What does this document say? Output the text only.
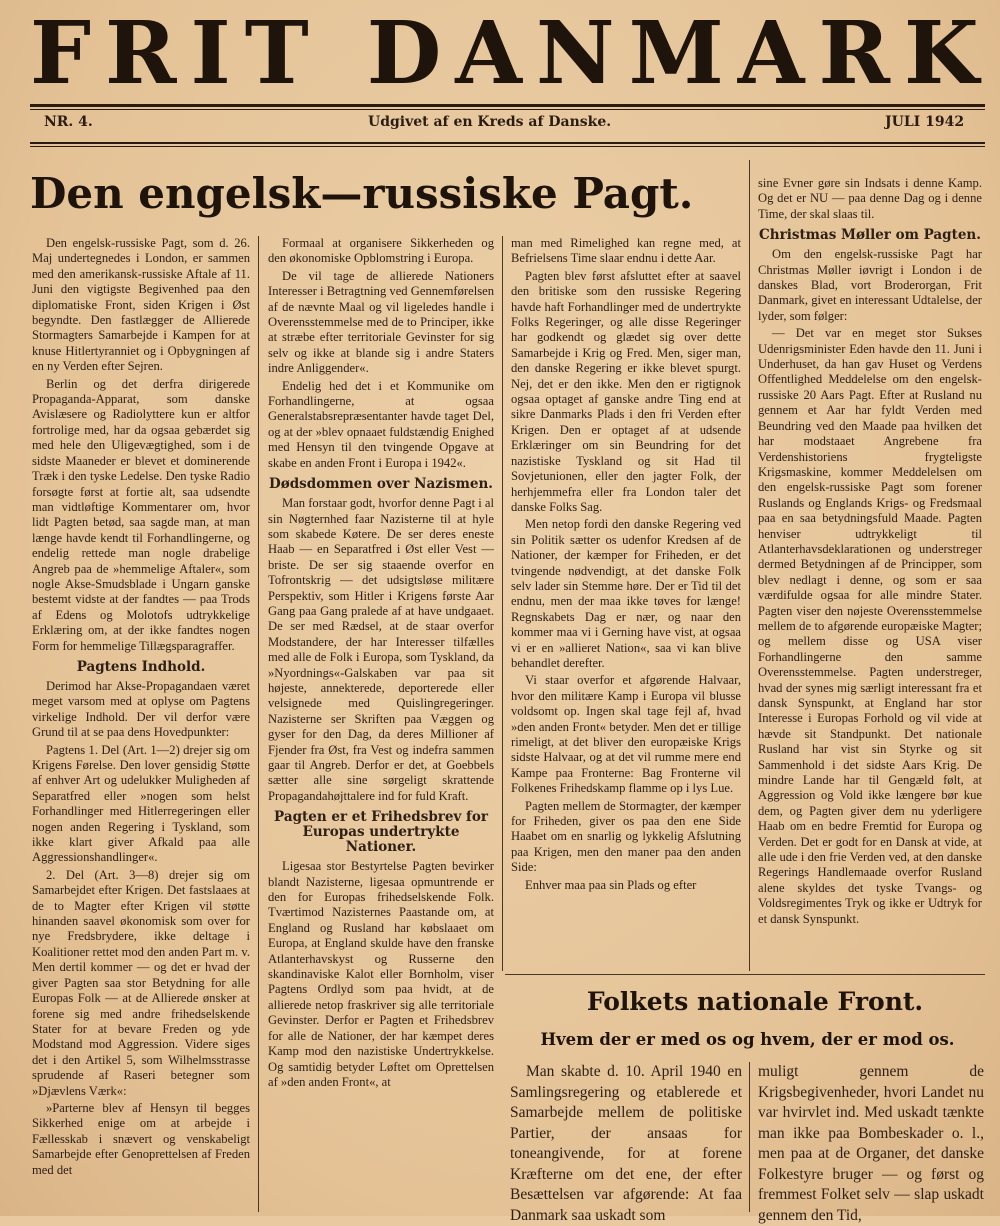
FRIT DANMARK
NR. 4.	Udgivet af en Kreds af Danske.	JULI 1942
Den engelsk—russiske Pagt.

Den engelsk-russiske Pagt, som d. 26. Maj undertegnedes i London, er sammen med den amerikansk-russiske Aftale af 11. Juni den vigtigste Begivenhed paa den diplomatiske Front, siden Krigen i Øst begyndte. Den fastlægger de Allierede Stormagters Samarbejde i Kampen for at knuse Hitlertyranniet og i Opbygningen af en ny Verden efter Sejren.

Berlin og det derfra dirigerede Propaganda-Apparat, som danske Avislæsere og Radiolyttere kun er altfor fortrolige med, har da ogsaa gebærdet sig med hele den Uligevægtighed, som i de sidste Maaneder er blevet et dominerende Træk i den tyske Ledelse. Den tyske Radio forsøgte først at fortie alt, saa udsendte man vidtløftige Kommentarer om, hvor lidt Pagten betød, saa sagde man, at man længe havde kendt til Forhandlingerne, og endelig rettede man nogle drabelige Angreb paa de »hemmelige Aftaler«, som nogle Akse-Smudsblade i Ungarn ganske bestemt vidste at der fandtes — paa Trods af Edens og Molotofs udtrykkelige Erklæring om, at der ikke fandtes nogen Form for hemmelige Tillægsparagraffer.

Pagtens Indhold.

Derimod har Akse-Propagandaen været meget varsom med at oplyse om Pagtens virkelige Indhold. Der vil derfor være Grund til at se paa dens Hovedpunkter:

Pagtens 1. Del (Art. 1—2) drejer sig om Krigens Førelse. Den lover gensidig Støtte af enhver Art og udelukker Muligheden af Separatfred eller »nogen som helst Forhandlinger med Hitlerregeringen eller nogen anden Regering i Tyskland, som ikke klart giver Afkald paa alle Aggressionshandlinger«.

2. Del (Art. 3—8) drejer sig om Samarbejdet efter Krigen. Det fastslaaes at de to Magter efter Krigen vil støtte hinanden saavel økonomisk som over for nye Fredsbrydere, ikke deltage i Koalitioner rettet mod den anden Part m. v. Men dertil kommer — og det er hvad der giver Pagten saa stor Betydning for alle Europas Folk — at de Allierede ønsker at forene sig med andre frihedselskende Stater for at bevare Freden og yde Modstand mod Aggression. Videre siges det i den Artikel 5, som Wilhelmsstrasse sprudende af Raseri betegner som »Djævlens Værk«:

»Parterne blev af Hensyn til begges Sikkerhed enige om at arbejde i Fællesskab i snævert og venskabeligt Samarbejde efter Genoprettelsen af Freden med det

Formaal at organisere Sikkerheden og den økonomiske Opblomstring i Europa.

De vil tage de allierede Nationers Interesser i Betragtning ved Gennemførelsen af de nævnte Maal og vil ligeledes handle i Overensstemmelse med de to Principer, ikke at stræbe efter territoriale Gevinster for sig selv og ikke at blande sig i andre Staters indre Anliggender«.

Endelig hed det i et Kommunike om Forhandlingerne, at ogsaa Generalstabsrepræsentanter havde taget Del, og at der »blev opnaaet fuldstændig Enighed med Hensyn til den tvingende Opgave at skabe en anden Front i Europa i 1942«.

Dødsdommen over Nazismen.

Man forstaar godt, hvorfor denne Pagt i al sin Nøgternhed faar Nazisterne til at hyle som skabede Køtere. De ser deres eneste Haab — en Separatfred i Øst eller Vest — briste. De ser sig staaende overfor en Tofrontskrig — det udsigtsløse militære Perspektiv, som Hitler i Krigens første Aar Gang paa Gang pralede af at have undgaaet. De ser med Rædsel, at de staar overfor Modstandere, der har Interesser tilfælles med alle de Folk i Europa, som Tyskland, da »Nyordnings«-Galskaben var paa sit højeste, annekterede, deporterede eller velsignede med Quislingregeringer. Nazisterne ser Skriften paa Væggen og gyser for den Dag, da deres Millioner af Fjender fra Øst, fra Vest og indefra sammen gaar til Angreb. Derfor er det, at Goebbels sætter alle sine sørgeligt skrattende Propagandahøjttalere ind for fuld Kraft.

Pagten er et Frihedsbrev for Europas undertrykte Nationer.

Ligesaa stor Bestyrtelse Pagten bevirker blandt Nazisterne, ligesaa opmuntrende er den for Europas frihedselskende Folk. Tværtimod Nazisternes Paastande om, at England og Rusland har købslaaet om Europa, at England skulde have den franske Atlanterhavskyst og Russerne den skandinaviske Kalot eller Bornholm, viser Pagtens Ordlyd som paa hvidt, at de allierede netop fraskriver sig alle territoriale Gevinster. Derfor er Pagten et Frihedsbrev for alle de Nationer, der har kæmpet deres Kamp mod den nazistiske Undertrykkelse. Og samtidig betyder Løftet om Oprettelsen af »den anden Front«, at

man med Rimelighed kan regne med, at Befrielsens Time slaar endnu i dette Aar.

Pagten blev først afsluttet efter at saavel den britiske som den russiske Regering havde haft Forhandlinger med de undertrykte Folks Regeringer, og alle disse Regeringer har godkendt og glædet sig over dette Samarbejde i Krig og Fred. Men, siger man, den danske Regering er ikke blevet spurgt. Nej, det er den ikke. Men den er rigtignok ogsaa optaget af ganske andre Ting end at sikre Danmarks Plads i den fri Verden efter Krigen. Den er optaget af at udsende Erklæringer om sin Beundring for det nazistiske Tyskland og sit Had til Sovjetunionen, eller den jagter Folk, der herhjemmefra eller fra London taler det danske Folks Sag.

Men netop fordi den danske Regering ved sin Politik sætter os udenfor Kredsen af de Nationer, der kæmper for Friheden, er det tvingende nødvendigt, at det danske Folk selv lader sin Stemme høre. Der er Tid til det endnu, men der maa ikke tøves for længe! Regnskabets Dag er nær, og naar den kommer maa vi i Gerning have vist, at ogsaa vi er en »allieret Nation«, saa vi kan blive behandlet derefter.

Vi staar overfor et afgørende Halvaar, hvor den militære Kamp i Europa vil blusse voldsomt op. Ingen skal tage fejl af, hvad »den anden Front« betyder. Men det er tillige rimeligt, at det bliver den europæiske Krigs sidste Halvaar, og at det vil rumme mere end Kampe paa Fronterne: Bag Fronterne vil Folkenes Frihedskamp flamme op i lys Lue.

Pagten mellem de Stormagter, der kæmper for Friheden, giver os paa den ene Side Haabet om en snarlig og lykkelig Afslutning paa Krigen, men den maner paa den anden Side:

Enhver maa paa sin Plads og efter

sine Evner gøre sin Indsats i denne Kamp. Og det er NU — paa denne Dag og i denne Time, der skal slaas til.

Christmas Møller om Pagten.

Om den engelsk-russiske Pagt har Christmas Møller iøvrigt i London i de danskes Blad, vort Broderorgan, Frit Danmark, givet en interessant Udtalelse, der lyder, som følger:

— Det var en meget stor Sukses Udenrigsminister Eden havde den 11. Juni i Underhuset, da han gav Huset og Verdens Offentlighed Meddelelse om den engelsk-russiske 20 Aars Pagt. Efter at Rusland nu gennem et Aar har fyldt Verden med Beundring ved den Maade paa hvilken det har modstaaet Angrebene fra Verdenshistoriens frygteligste Krigsmaskine, kommer Meddelelsen om den engelsk-russiske Pagt som forener Ruslands og Englands Krigs- og Fredsmaal paa en saa betydningsfuld Maade. Pagten henviser udtrykkeligt til Atlanterhavsdeklarationen og understreger dermed Betydningen af de Principper, som blev nedlagt i denne, og som er saa værdifulde ogsaa for alle mindre Stater. Pagten viser den nøjeste Overensstemmelse mellem de to afgørende europæiske Magter; og mellem disse og USA viser Forhandlingerne den samme Overensstemmelse. Pagten understreger, hvad der synes mig særligt interessant fra et dansk Synspunkt, at England har stor Interesse i Europas Forhold og vil vide at hævde sit Standpunkt. Det nationale Rusland har vist sin Styrke og sit Sammenhold i det sidste Aars Krig. De mindre Lande har til Gengæld følt, at Aggression og Vold ikke længere bør kue dem, og Pagten giver dem nu yderligere Haab om en bedre Fremtid for Europa og Verden. Det er godt for en Dansk at vide, at alle ude i den frie Verden ved, at den danske Regerings Handlemaade overfor Rusland alene skyldes det tyske Tvangs- og Voldsregimentes Tryk og ikke er Udtryk for et dansk Synspunkt.

Folkets nationale Front.
Hvem der er med os og hvem, der er mod os.

Man skabte d. 10. April 1940 en Samlingsregering og etablerede et Samarbejde mellem de politiske Partier, der ansaas for toneangivende, for at forene Kræfterne om det ene, der efter Besættelsen var afgørende: At faa Danmark saa uskadt som

muligt gennem de Krigsbegivenheder, hvori Landet nu var hvirvlet ind. Med uskadt tænkte man ikke paa Bombeskader o. l., men paa at de Organer, det danske Folkestyre bruger — og først og fremmest Folket selv — slap uskadt gennem den Tid,
